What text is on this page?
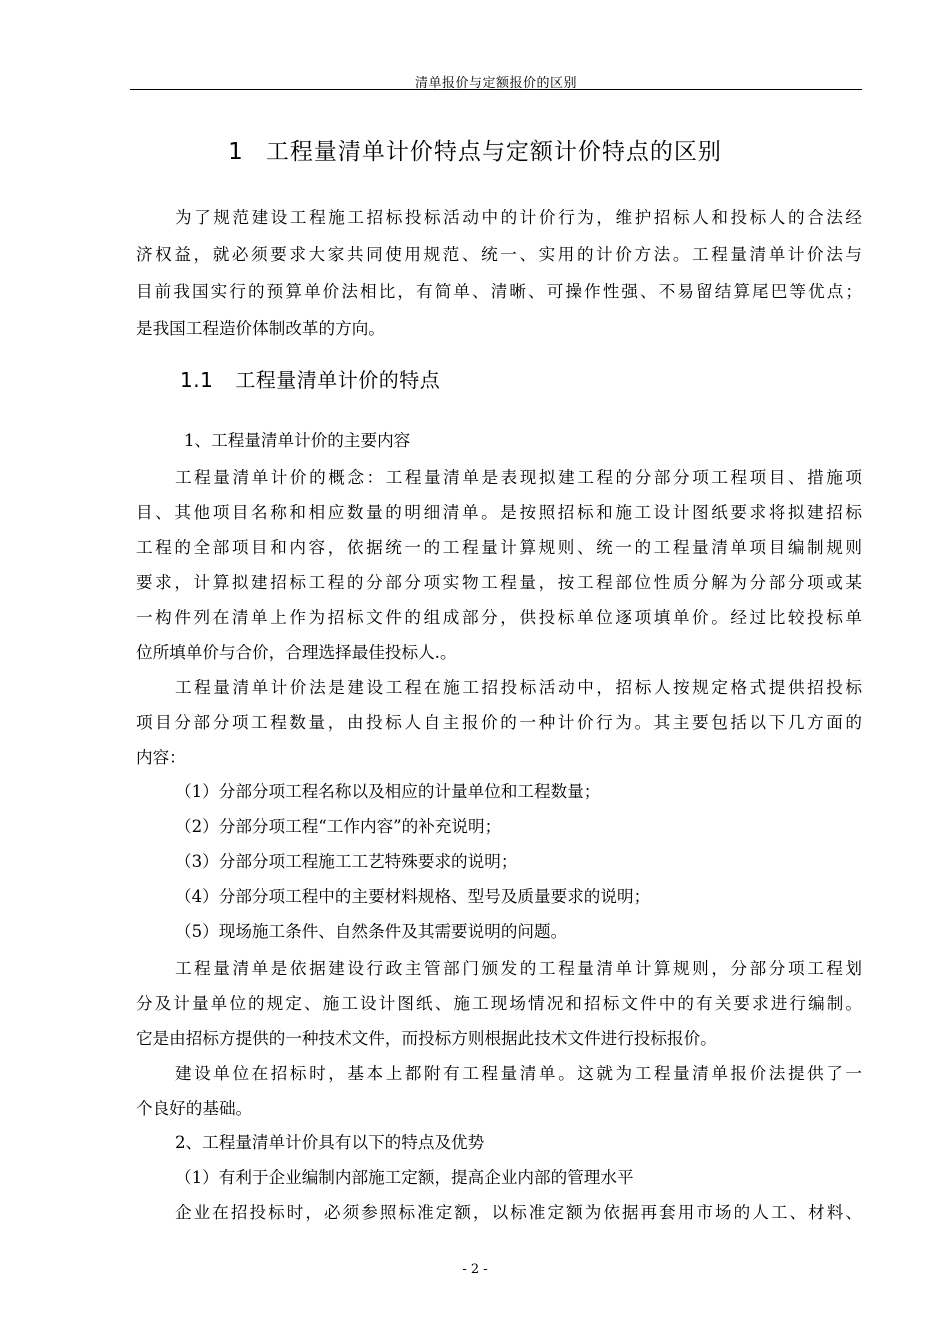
清单报价与定额报价的区别
1 工程量清单计价特点与定额计价特点的区别
为了规范建设工程施工招标投标活动中的计价行为，维护招标人和投标人的合法经
济权益，就必须要求大家共同使用规范、统一、实用的计价方法。工程量清单计价法与
目前我国实行的预算单价法相比，有简单、清晰、可操作性强、不易留结算尾巴等优点；
是我国工程造价体制改革的方向。
1.1 工程量清单计价的特点
1、工程量清单计价的主要内容
工程量清单计价的概念：工程量清单是表现拟建工程的分部分项工程项目、措施项
目、其他项目名称和相应数量的明细清单。是按照招标和施工设计图纸要求将拟建招标
工程的全部项目和内容，依据统一的工程量计算规则、统一的工程量清单项目编制规则
要求，计算拟建招标工程的分部分项实物工程量，按工程部位性质分解为分部分项或某
一构件列在清单上作为招标文件的组成部分，供投标单位逐项填单价。经过比较投标单
位所填单价与合价，合理选择最佳投标人.。
工程量清单计价法是建设工程在施工招投标活动中，招标人按规定格式提供招投标
项目分部分项工程数量，由投标人自主报价的一种计价行为。其主要包括以下几方面的
内容：
（1）分部分项工程名称以及相应的计量单位和工程数量；
（2）分部分项工程“工作内容”的补充说明；
（3）分部分项工程施工工艺特殊要求的说明；
（4）分部分项工程中的主要材料规格、型号及质量要求的说明；
（5）现场施工条件、自然条件及其需要说明的问题。
工程量清单是依据建设行政主管部门颁发的工程量清单计算规则，分部分项工程划
分及计量单位的规定、施工设计图纸、施工现场情况和招标文件中的有关要求进行编制。
它是由招标方提供的一种技术文件，而投标方则根据此技术文件进行投标报价。
建设单位在招标时，基本上都附有工程量清单。这就为工程量清单报价法提供了一
个良好的基础。
2、工程量清单计价具有以下的特点及优势
（1）有利于企业编制内部施工定额，提高企业内部的管理水平
企业在招投标时，必须参照标准定额，以标准定额为依据再套用市场的人工、材料、
- 2 -
